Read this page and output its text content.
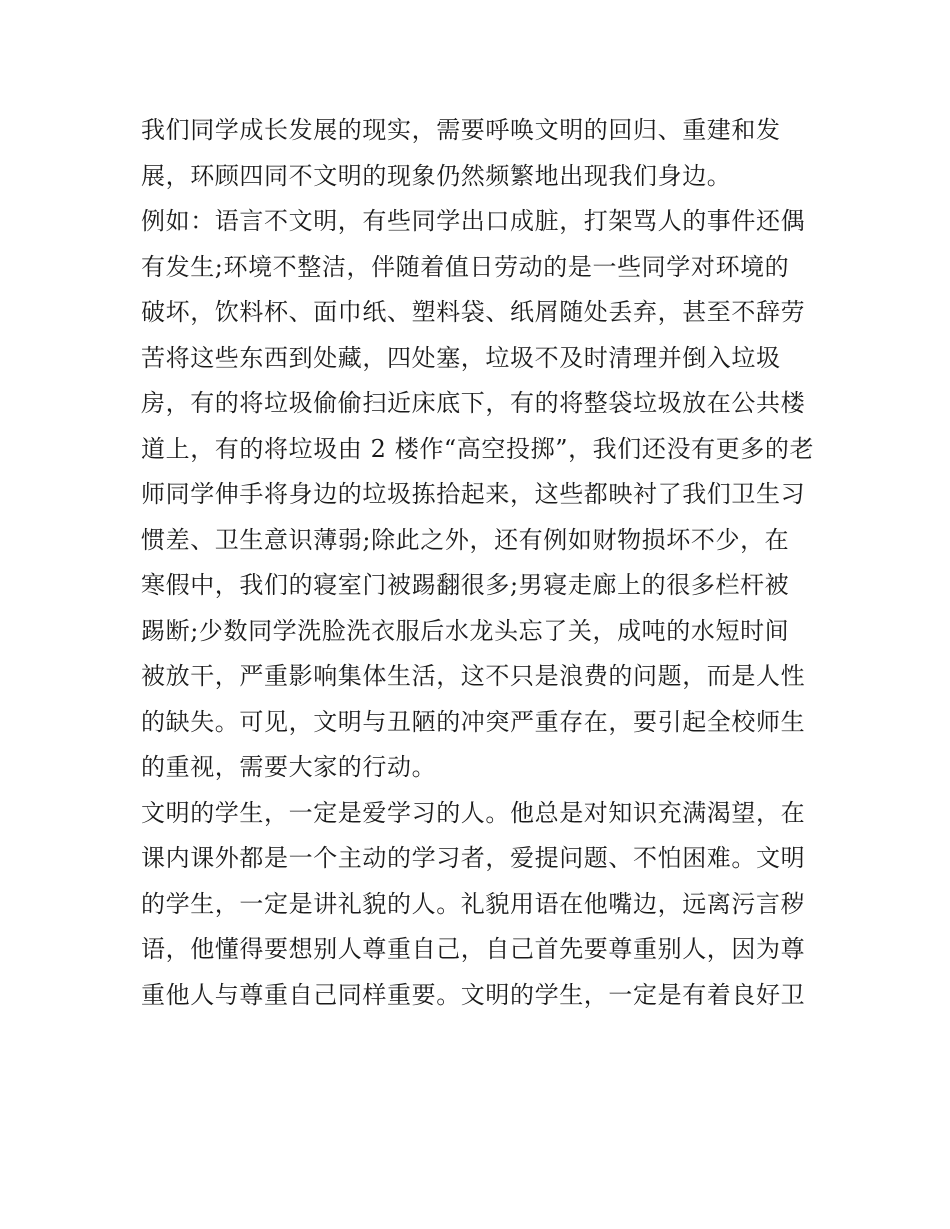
我们同学成长发展的现实，需要呼唤文明的回归、重建和发
展，环顾四同不文明的现象仍然频繁地出现我们身边。
例如：语言不文明，有些同学出口成脏，打架骂人的事件还偶
有发生;环境不整洁，伴随着值日劳动的是一些同学对环境的
破坏，饮料杯、面巾纸、塑料袋、纸屑随处丢弃，甚至不辞劳
苦将这些东西到处藏，四处塞，垃圾不及时清理并倒入垃圾
房，有的将垃圾偷偷扫近床底下，有的将整袋垃圾放在公共楼
道上，有的将垃圾由 2 楼作“高空投掷”，我们还没有更多的老
师同学伸手将身边的垃圾拣拾起来，这些都映衬了我们卫生习
惯差、卫生意识薄弱;除此之外，还有例如财物损坏不少，在
寒假中，我们的寝室门被踢翻很多;男寝走廊上的很多栏杆被
踢断;少数同学洗脸洗衣服后水龙头忘了关，成吨的水短时间
被放干，严重影响集体生活，这不只是浪费的问题，而是人性
的缺失。可见，文明与丑陋的冲突严重存在，要引起全校师生
的重视，需要大家的行动。
文明的学生，一定是爱学习的人。他总是对知识充满渴望，在
课内课外都是一个主动的学习者，爱提问题、不怕困难。文明
的学生，一定是讲礼貌的人。礼貌用语在他嘴边，远离污言秽
语，他懂得要想别人尊重自己，自己首先要尊重别人，因为尊
重他人与尊重自己同样重要。文明的学生，一定是有着良好卫
